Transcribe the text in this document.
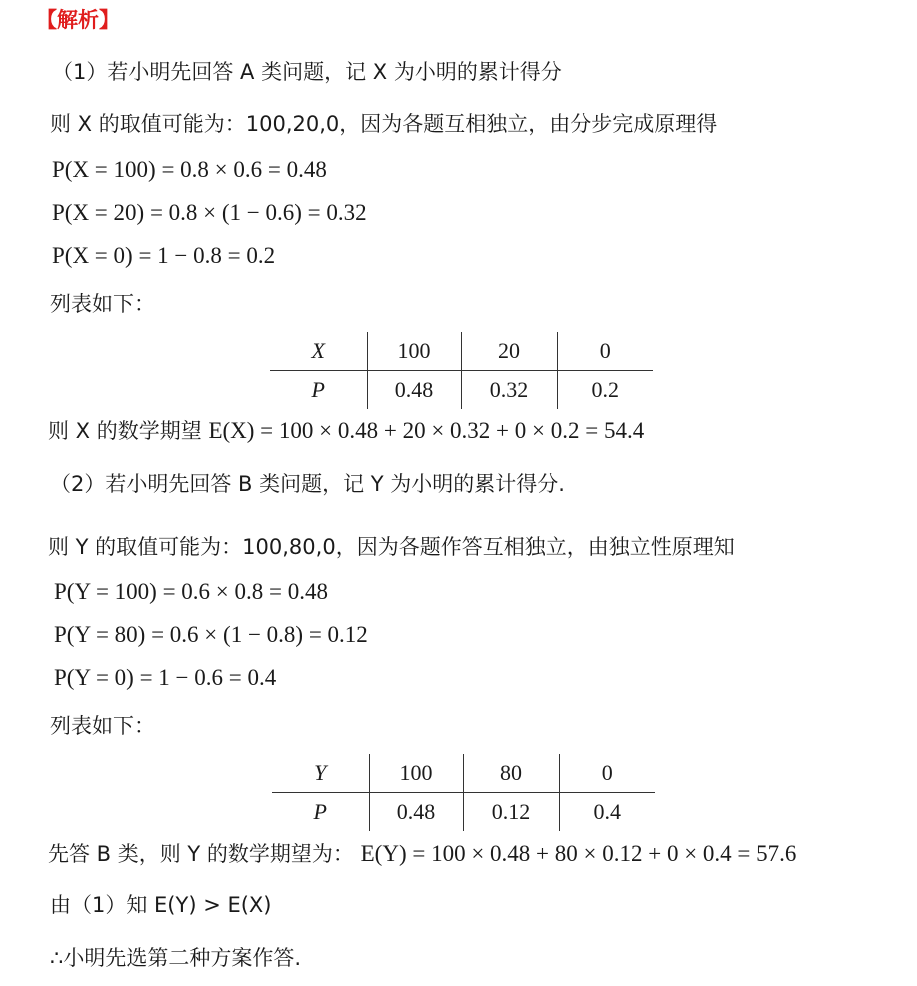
【解析】
（1）若小明先回答 A 类问题，记 X 为小明的累计得分
则 X 的取值可能为：100,20,0，因为各题互相独立，由分步完成原理得
P(X = 100) = 0.8 × 0.6 = 0.48
P(X = 20) = 0.8 × (1 − 0.6) = 0.32
P(X = 0) = 1 − 0.8 = 0.2
列表如下：
X	100	20	0
P	0.48	0.32	0.2
则 X 的数学期望 E(X) = 100 × 0.48 + 20 × 0.32 + 0 × 0.2 = 54.4
（2）若小明先回答 B 类问题，记 Y 为小明的累计得分.
则 Y 的取值可能为：100,80,0，因为各题作答互相独立，由独立性原理知
P(Y = 100) = 0.6 × 0.8 = 0.48
P(Y = 80) = 0.6 × (1 − 0.8) = 0.12
P(Y = 0) = 1 − 0.6 = 0.4
列表如下：
Y	100	80	0
P	0.48	0.12	0.4
先答 B 类，则 Y 的数学期望为： E(Y) = 100 × 0.48 + 80 × 0.12 + 0 × 0.4 = 57.6
由（1）知 E(Y) > E(X)
∴小明先选第二种方案作答.
